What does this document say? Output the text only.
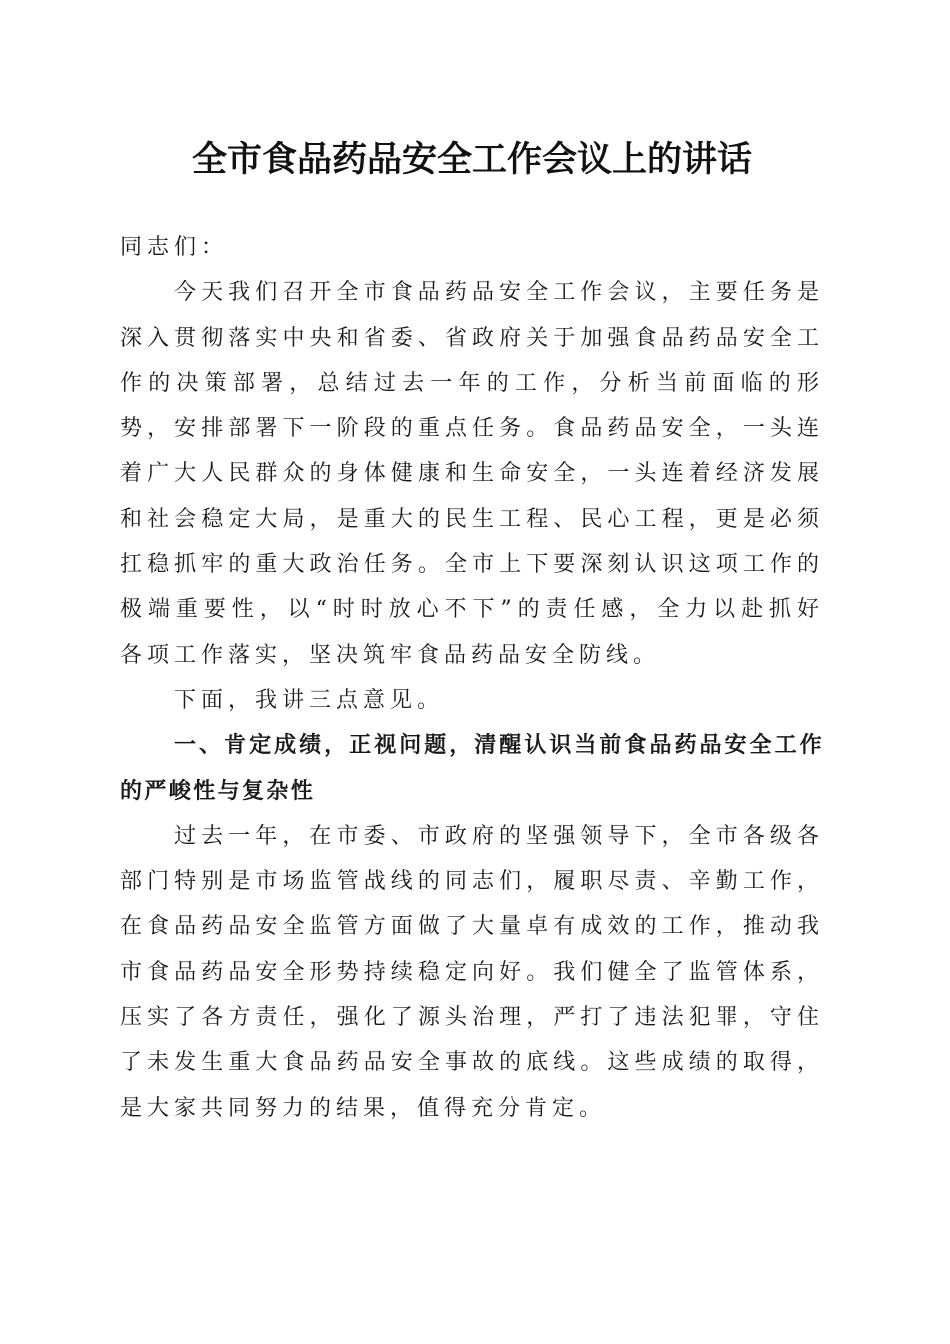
全市食品药品安全工作会议上的讲话

同志们：

今天我们召开全市食品药品安全工作会议，主要任务是深入贯彻落实中央和省委、省政府关于加强食品药品安全工作的决策部署，总结过去一年的工作，分析当前面临的形势，安排部署下一阶段的重点任务。食品药品安全，一头连着广大人民群众的身体健康和生命安全，一头连着经济发展和社会稳定大局，是重大的民生工程、民心工程，更是必须扛稳抓牢的重大政治任务。全市上下要深刻认识这项工作的极端重要性，以“时时放心不下”的责任感，全力以赴抓好各项工作落实，坚决筑牢食品药品安全防线。

下面，我讲三点意见。

一、肯定成绩，正视问题，清醒认识当前食品药品安全工作的严峻性与复杂性

过去一年，在市委、市政府的坚强领导下，全市各级各部门特别是市场监管战线的同志们，履职尽责、辛勤工作，在食品药品安全监管方面做了大量卓有成效的工作，推动我市食品药品安全形势持续稳定向好。我们健全了监管体系，压实了各方责任，强化了源头治理，严打了违法犯罪，守住了未发生重大食品药品安全事故的底线。这些成绩的取得，是大家共同努力的结果，值得充分肯定。
